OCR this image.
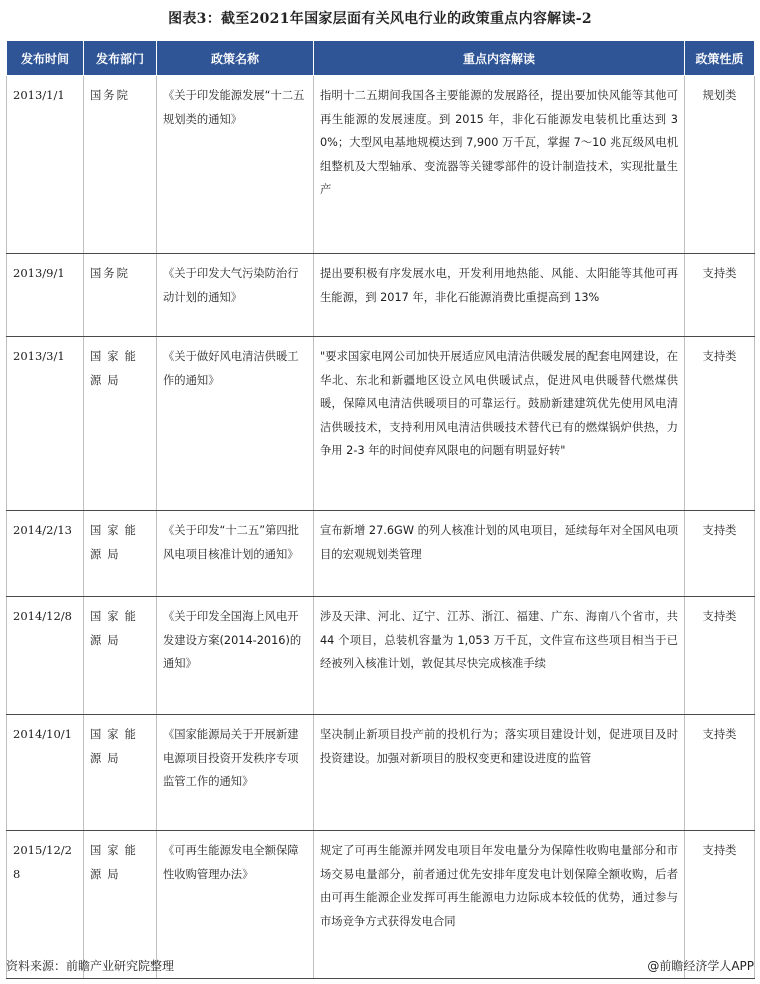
图表3：截至2021年国家层面有关风电行业的政策重点内容解读-2
发布时间	发布部门	政策名称	重点内容解读	政策性质
2013/1/1	国务院	《关于印发能源发展“十二五规划类的通知》	指明十二五期间我国各主要能源的发展路径，提出要加快风能等其他可再生能源的发展速度。到 2015 年，非化石能源发电装机比重达到 30%；大型风电基地规模达到 7,900 万千瓦，掌握 7～10 兆瓦级风电机组整机及大型轴承、变流器等关键零部件的设计制造技术，实现批量生产	规划类
2013/9/1	国务院	《关于印发大气污染防治行动计划的通知》	提出要积极有序发展水电，开发利用地热能、风能、太阳能等其他可再生能源，到 2017 年，非化石能源消费比重提高到 13%	支持类
2013/3/1	国家能源局	《关于做好风电清洁供暖工作的通知》	"要求国家电网公司加快开展适应风电清洁供暖发展的配套电网建设，在华北、东北和新疆地区设立风电供暖试点，促进风电供暖替代燃煤供暖，保障风电清洁供暖项目的可靠运行。鼓励新建建筑优先使用风电清洁供暖技术，支持利用风电清洁供暖技术替代已有的燃煤锅炉供热，力争用 2-3 年的时间使弃风限电的问题有明显好转"	支持类
2014/2/13	国家能源局	《关于印发“十二五”第四批风电项目核准计划的通知》	宣布新增 27.6GW 的列人核准计划的风电项目，延续每年对全国风电项目的宏观规划类管理	支持类
2014/12/8	国家能源局	《关于印发全国海上风电开发建设方案(2014-2016)的通知》	涉及天津、河北、辽宁、江苏、浙江、福建、广东、海南八个省市，共 44 个项目，总装机容量为 1,053 万千瓦，文件宣布这些项目相当于已经被列入核准计划，敦促其尽快完成核准手续	支持类
2014/10/1	国家能源局	《国家能源局关于开展新建电源项目投资开发秩序专项监管工作的通知》	坚决制止新项目投产前的投机行为；落实项目建设计划，促进项目及时投资建设。加强对新项目的股权变更和建设进度的监管	支持类
2015/12/28	国家能源局	《可再生能源发电全额保障性收购管理办法》	规定了可再生能源并网发电项目年发电量分为保障性收购电量部分和市场交易电量部分，前者通过优先安排年度发电计划保障全额收购，后者由可再生能源企业发挥可再生能源电力边际成本较低的优势，通过参与市场竞争方式获得发电合同	支持类
资料来源：前瞻产业研究院整理	@前瞻经济学人APP
